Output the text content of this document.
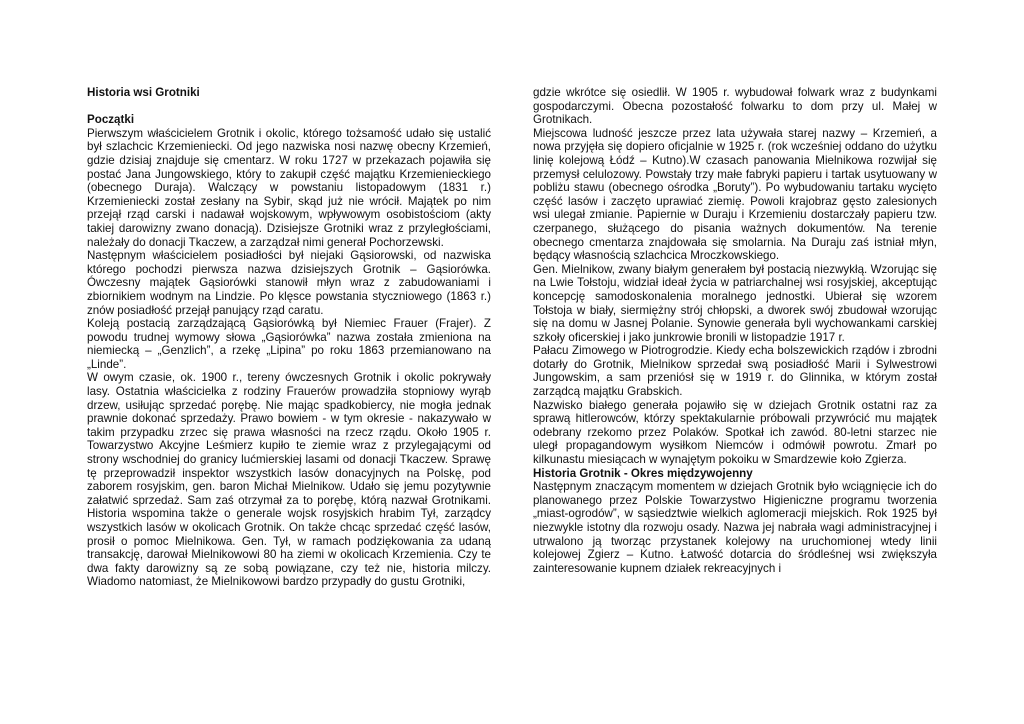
Historia wsi Grotniki

Początki

Pierwszym właścicielem Grotnik i okolic, którego tożsamość udało się ustalić był szlachcic Krzemieniecki. Od jego nazwiska nosi nazwę obecny Krzemień, gdzie dzisiaj znajduje się cmentarz. W roku 1727 w przekazach pojawiła się postać Jana Jungowskiego, który to zakupił część majątku Krzemienieckiego (obecnego Duraja). Walczący w powstaniu listopadowym (1831 r.) Krzemieniecki został zesłany na Sybir, skąd już nie wrócił. Majątek po nim przejął rząd carski i nadawał wojskowym, wpływowym osobistościom (akty takiej darowizny zwano donacją). Dzisiejsze Grotniki wraz z przyległościami, należały do donacji Tkaczew, a zarządzał nimi generał Pochorzewski.

Następnym właścicielem posiadłości był niejaki Gąsiorowski, od nazwiska którego pochodzi pierwsza nazwa dzisiejszych Grotnik – Gąsiorówka. Ówczesny majątek Gąsiorówki stanowił młyn wraz z zabudowaniami i zbiornikiem wodnym na Lindzie. Po klęsce powstania styczniowego (1863 r.) znów posiadłość przejął panujący rząd caratu.

Koleją postacią zarządzającą Gąsiorówką był Niemiec Frauer (Frajer). Z powodu trudnej wymowy słowa „Gąsiorówka” nazwa została zmieniona na niemiecką – „Genzlich”, a rzekę „Lipina” po roku 1863 przemianowano na „Linde”.

W owym czasie, ok. 1900 r., tereny ówczesnych Grotnik i okolic pokrywały lasy. Ostatnia właścicielka z rodziny Frauerów prowadziła stopniowy wyrąb drzew, usiłując sprzedać porębę. Nie mając spadkobiercy, nie mogła jednak prawnie dokonać sprzedaży. Prawo bowiem - w tym okresie - nakazywało w takim przypadku zrzec się prawa własności na rzecz rządu. Około 1905 r. Towarzystwo Akcyjne Leśmierz kupiło te ziemie wraz z przylegającymi od strony wschodniej do granicy lućmierskiej lasami od donacji Tkaczew. Sprawę tę przeprowadził inspektor wszystkich lasów donacyjnych na Polskę, pod zaborem rosyjskim, gen. baron Michał Mielnikow. Udało się jemu pozytywnie załatwić sprzedaż. Sam zaś otrzymał za to porębę, którą nazwał Grotnikami. Historia wspomina także o generale wojsk rosyjskich hrabim Tył, zarządcy wszystkich lasów w okolicach Grotnik. On także chcąc sprzedać część lasów, prosił o pomoc Mielnikowa. Gen. Tył, w ramach podziękowania za udaną transakcję, darował Mielnikowowi 80 ha ziemi w okolicach Krzemienia. Czy te dwa fakty darowizny są ze sobą powiązane, czy też nie, historia milczy. Wiadomo natomiast, że Mielnikowowi bardzo przypadły do gustu Grotniki,

gdzie wkrótce się osiedlił. W 1905 r. wybudował folwark wraz z budynkami gospodarczymi. Obecna pozostałość folwarku to dom przy ul. Małej w Grotnikach.

Miejscowa ludność jeszcze przez lata używała starej nazwy – Krzemień, a nowa przyjęła się dopiero oficjalnie w 1925 r. (rok wcześniej oddano do użytku linię kolejową Łódź – Kutno).W czasach panowania Mielnikowa rozwijał się przemysł celulozowy. Powstały trzy małe fabryki papieru i tartak usytuowany w pobliżu stawu (obecnego ośrodka „Boruty”). Po wybudowaniu tartaku wycięto część lasów i zaczęto uprawiać ziemię. Powoli krajobraz gęsto zalesionych wsi ulegał zmianie. Papiernie w Duraju i Krzemieniu dostarczały papieru tzw. czerpanego, służącego do pisania ważnych dokumentów. Na terenie obecnego cmentarza znajdowała się smolarnia. Na Duraju zaś istniał młyn, będący własnością szlachcica Mroczkowskiego.

Gen. Mielnikow, zwany białym generałem był postacią niezwykłą. Wzorując się na Lwie Tołstoju, widział ideał życia w patriarchalnej wsi rosyjskiej, akceptując koncepcję samodoskonalenia moralnego jednostki. Ubierał się wzorem Tołstoja w biały, siermiężny strój chłopski, a dworek swój zbudował wzorując się na domu w Jasnej Polanie. Synowie generała byli wychowankami carskiej szkoły oficerskiej i jako junkrowie bronili w listopadzie 1917 r.

Pałacu Zimowego w Piotrogrodzie. Kiedy echa bolszewickich rządów i zbrodni dotarły do Grotnik, Mielnikow sprzedał swą posiadłość Marii i Sylwestrowi Jungowskim, a sam przeniósł się w 1919 r. do Glinnika, w którym został zarządcą majątku Grabskich.

Nazwisko białego generała pojawiło się w dziejach Grotnik ostatni raz za sprawą hitlerowców, którzy spektakularnie próbowali przywrócić mu majątek odebrany rzekomo przez Polaków. Spotkał ich zawód. 80-letni starzec nie uległ propagandowym wysiłkom Niemców i odmówił powrotu. Zmarł po kilkunastu miesiącach w wynajętym pokoiku w Smardzewie koło Zgierza.

Historia Grotnik - Okres międzywojenny

Następnym znaczącym momentem w dziejach Grotnik było wciągnięcie ich do planowanego przez Polskie Towarzystwo Higieniczne programu tworzenia „miast-ogrodów”, w sąsiedztwie wielkich aglomeracji miejskich. Rok 1925 był niezwykle istotny dla rozwoju osady. Nazwa jej nabrała wagi administracyjnej i utrwalono ją tworząc przystanek kolejowy na uruchomionej wtedy linii kolejowej Zgierz – Kutno. Łatwość dotarcia do śródleśnej wsi zwiększyła zainteresowanie kupnem działek rekreacyjnych i
